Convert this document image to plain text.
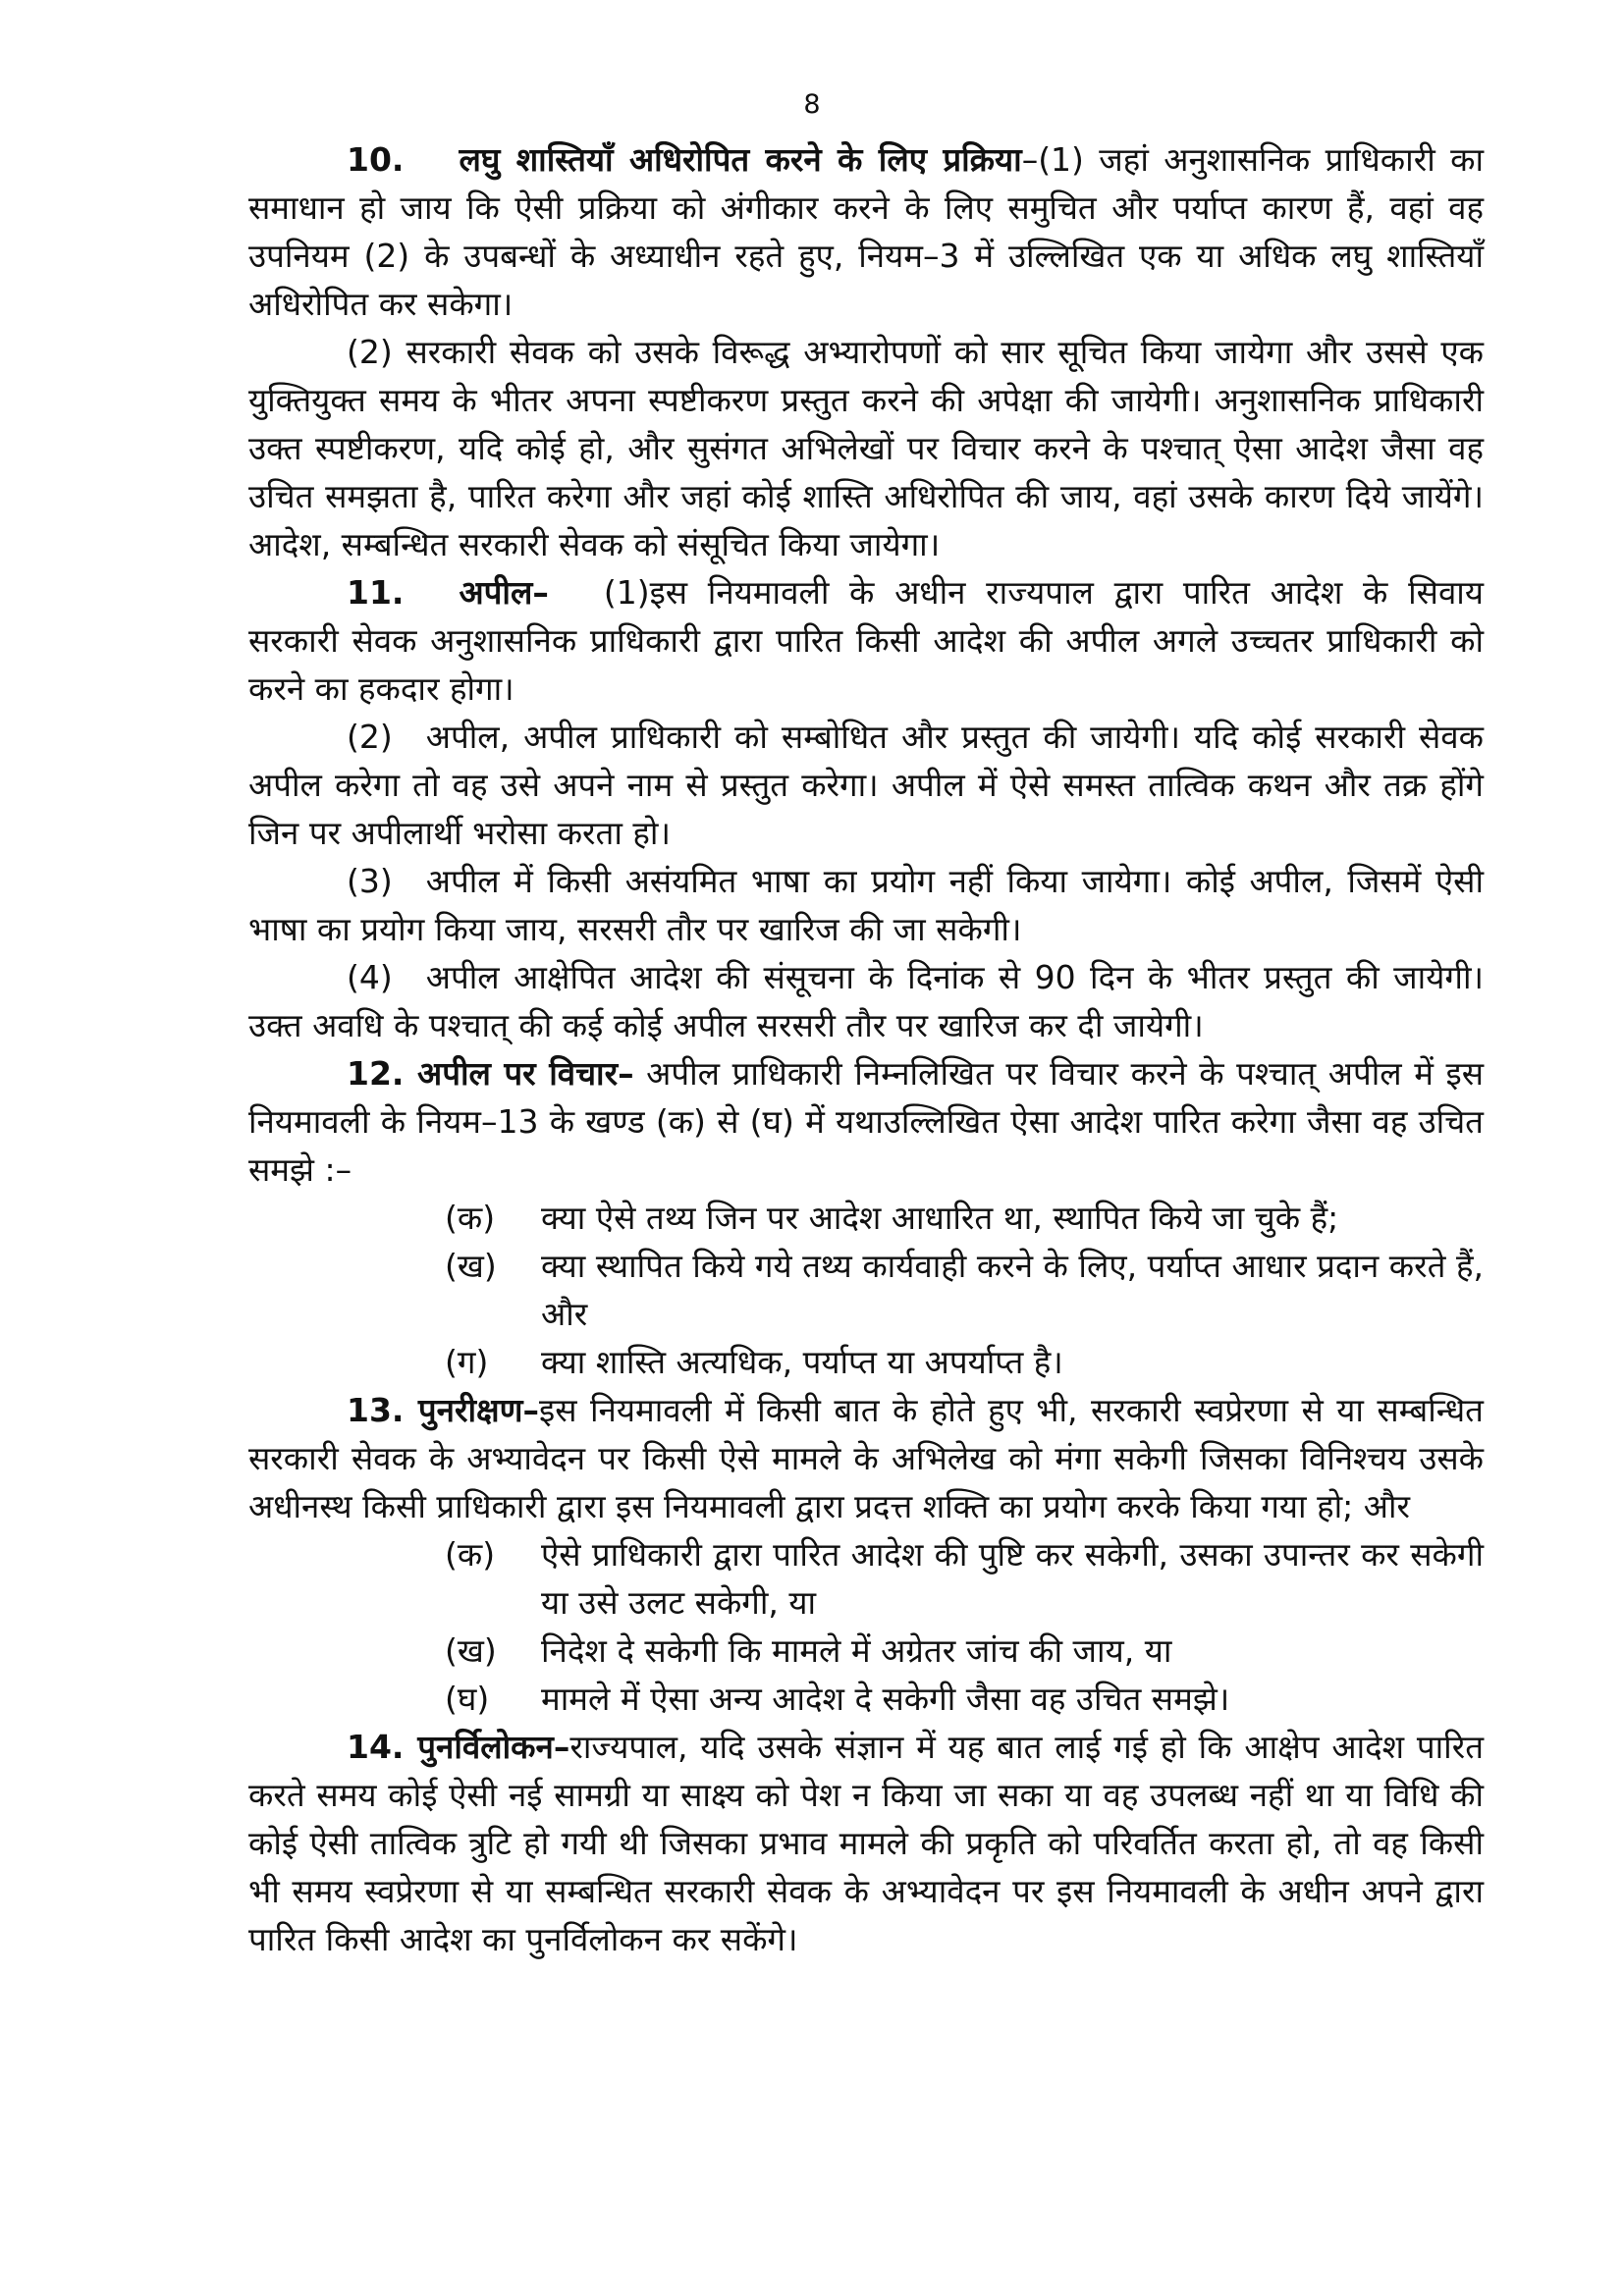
8

10. लघु शास्तियाँ अधिरोपित करने के लिए प्रक्रिया–(1) जहां अनुशासनिक प्राधिकारी का समाधान हो जाय कि ऐसी प्रक्रिया को अंगीकार करने के लिए समुचित और पर्याप्त कारण हैं, वहां वह उपनियम (2) के उपबन्धों के अध्याधीन रहते हुए, नियम–3 में उल्लिखित एक या अधिक लघु शास्तियाँ अधिरोपित कर सकेगा।

(2) सरकारी सेवक को उसके विरूद्ध अभ्यारोपणों को सार सूचित किया जायेगा और उससे एक युक्तियुक्त समय के भीतर अपना स्पष्टीकरण प्रस्तुत करने की अपेक्षा की जायेगी। अनुशासनिक प्राधिकारी उक्त स्पष्टीकरण, यदि कोई हो, और सुसंगत अभिलेखों पर विचार करने के पश्चात् ऐसा आदेश जैसा वह उचित समझता है, पारित करेगा और जहां कोई शास्ति अधिरोपित की जाय, वहां उसके कारण दिये जायेंगे। आदेश, सम्बन्धित सरकारी सेवक को संसूचित किया जायेगा।

11. अपील– (1)इस नियमावली के अधीन राज्यपाल द्वारा पारित आदेश के सिवाय सरकारी सेवक अनुशासनिक प्राधिकारी द्वारा पारित किसी आदेश की अपील अगले उच्चतर प्राधिकारी को करने का हकदार होगा।

(2) अपील, अपील प्राधिकारी को सम्बोधित और प्रस्तुत की जायेगी। यदि कोई सरकारी सेवक अपील करेगा तो वह उसे अपने नाम से प्रस्तुत करेगा। अपील में ऐसे समस्त तात्विक कथन और तक्र होंगे जिन पर अपीलार्थी भरोसा करता हो।

(3) अपील में किसी असंयमित भाषा का प्रयोग नहीं किया जायेगा। कोई अपील, जिसमें ऐसी भाषा का प्रयोग किया जाय, सरसरी तौर पर खारिज की जा सकेगी।

(4) अपील आक्षेपित आदेश की संसूचना के दिनांक से 90 दिन के भीतर प्रस्तुत की जायेगी। उक्त अवधि के पश्चात् की कई कोई अपील सरसरी तौर पर खारिज कर दी जायेगी।

12. अपील पर विचार– अपील प्राधिकारी निम्नलिखित पर विचार करने के पश्चात् अपील में इस नियमावली के नियम–13 के खण्ड (क) से (घ) में यथाउल्लिखित ऐसा आदेश पारित करेगा जैसा वह उचित समझे :–

(क)	क्या ऐसे तथ्य जिन पर आदेश आधारित था, स्थापित किये जा चुके हैं;
(ख)	क्या स्थापित किये गये तथ्य कार्यवाही करने के लिए, पर्याप्त आधार प्रदान करते हैं, और
(ग)	क्या शास्ति अत्यधिक, पर्याप्त या अपर्याप्त है।

13. पुनरीक्षण–इस नियमावली में किसी बात के होते हुए भी, सरकारी स्वप्रेरणा से या सम्बन्धित सरकारी सेवक के अभ्यावेदन पर किसी ऐसे मामले के अभिलेख को मंगा सकेगी जिसका विनिश्चय उसके अधीनस्थ किसी प्राधिकारी द्वारा इस नियमावली द्वारा प्रदत्त शक्ति का प्रयोग करके किया गया हो; और

(क)	ऐसे प्राधिकारी द्वारा पारित आदेश की पुष्टि कर सकेगी, उसका उपान्तर कर सकेगी या उसे उलट सकेगी, या
(ख)	निदेश दे सकेगी कि मामले में अग्रेतर जांच की जाय, या
(घ)	मामले में ऐसा अन्य आदेश दे सकेगी जैसा वह उचित समझे।

14. पुनर्विलोकन–राज्यपाल, यदि उसके संज्ञान में यह बात लाई गई हो कि आक्षेप आदेश पारित करते समय कोई ऐसी नई सामग्री या साक्ष्य को पेश न किया जा सका या वह उपलब्ध नहीं था या विधि की कोई ऐसी तात्विक त्रुटि हो गयी थी जिसका प्रभाव मामले की प्रकृति को परिवर्तित करता हो, तो वह किसी भी समय स्वप्रेरणा से या सम्बन्धित सरकारी सेवक के अभ्यावेदन पर इस नियमावली के अधीन अपने द्वारा पारित किसी आदेश का पुनर्विलोकन कर सकेंगे।
